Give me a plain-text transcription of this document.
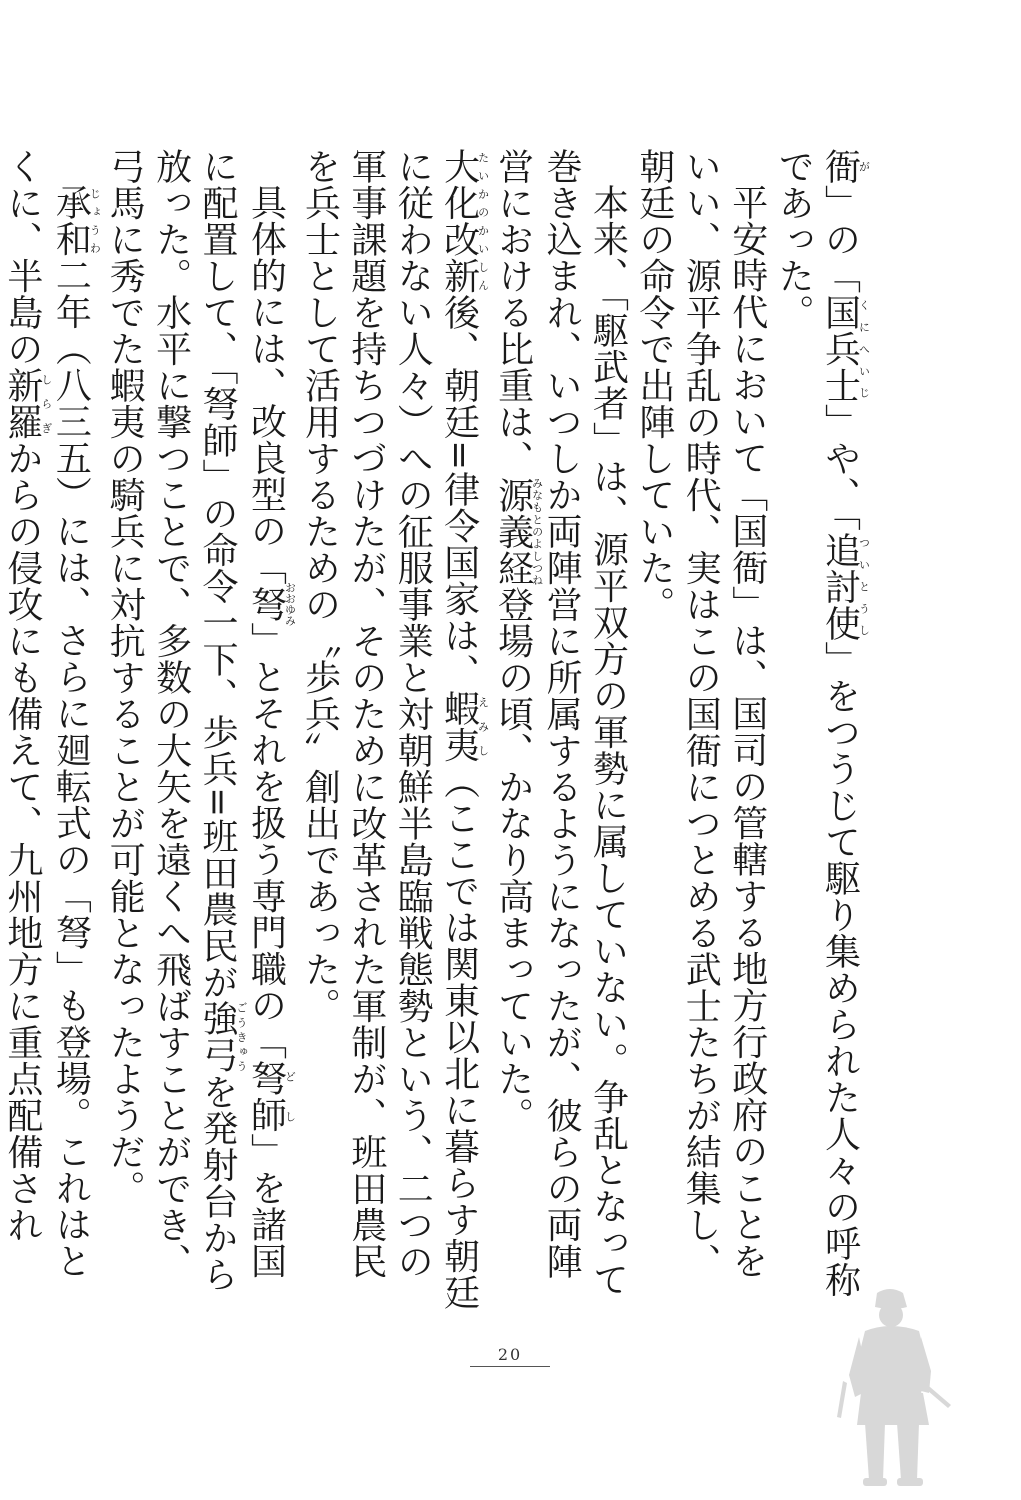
衙が」の「国兵士くにへいじ」や、「追討使ついとうし」をつうじて駆り集められた人々の呼称であった。

平安時代において「国衙」は、国司の管轄する地方行政府のことをいい、源平争乱の時代、実はこの国衙につとめる武士たちが結集し、朝廷の命令で出陣していた。

本来、「駆武者」は、源平双方の軍勢に属していない。争乱となって巻き込まれ、いつしか両陣営に所属するようになったが、彼らの両陣営における比重は、源義経みなもとのよしつね登場の頃、かなり高まっていた。

大化改新たいかのかいしん後、朝廷=律令国家は、蝦夷えみし（ここでは関東以北に暮らす朝廷に従わない人々）への征服事業と対朝鮮半島臨戦態勢という、二つの軍事課題を持ちつづけたが、そのために改革された軍制が、班田農民を兵士として活用するための〝歩兵〟創出であった。

具体的には、改良型の「弩おおゆみ」とそれを扱う専門職の「弩師どし」を諸国に配置して、「弩師」の命令一下、歩兵=班田農民が強弓ごうきゅうを発射台から放った。水平に撃つことで、多数の大矢を遠くへ飛ばすことができ、弓馬に秀でた蝦夷の騎兵に対抗することが可能となったようだ。

承和じょうわ二年（八三五）には、さらに廻転式の「弩」も登場。これはとくに、半島の新羅しらぎからの侵攻にも備えて、九州地方に重点配備され

20
